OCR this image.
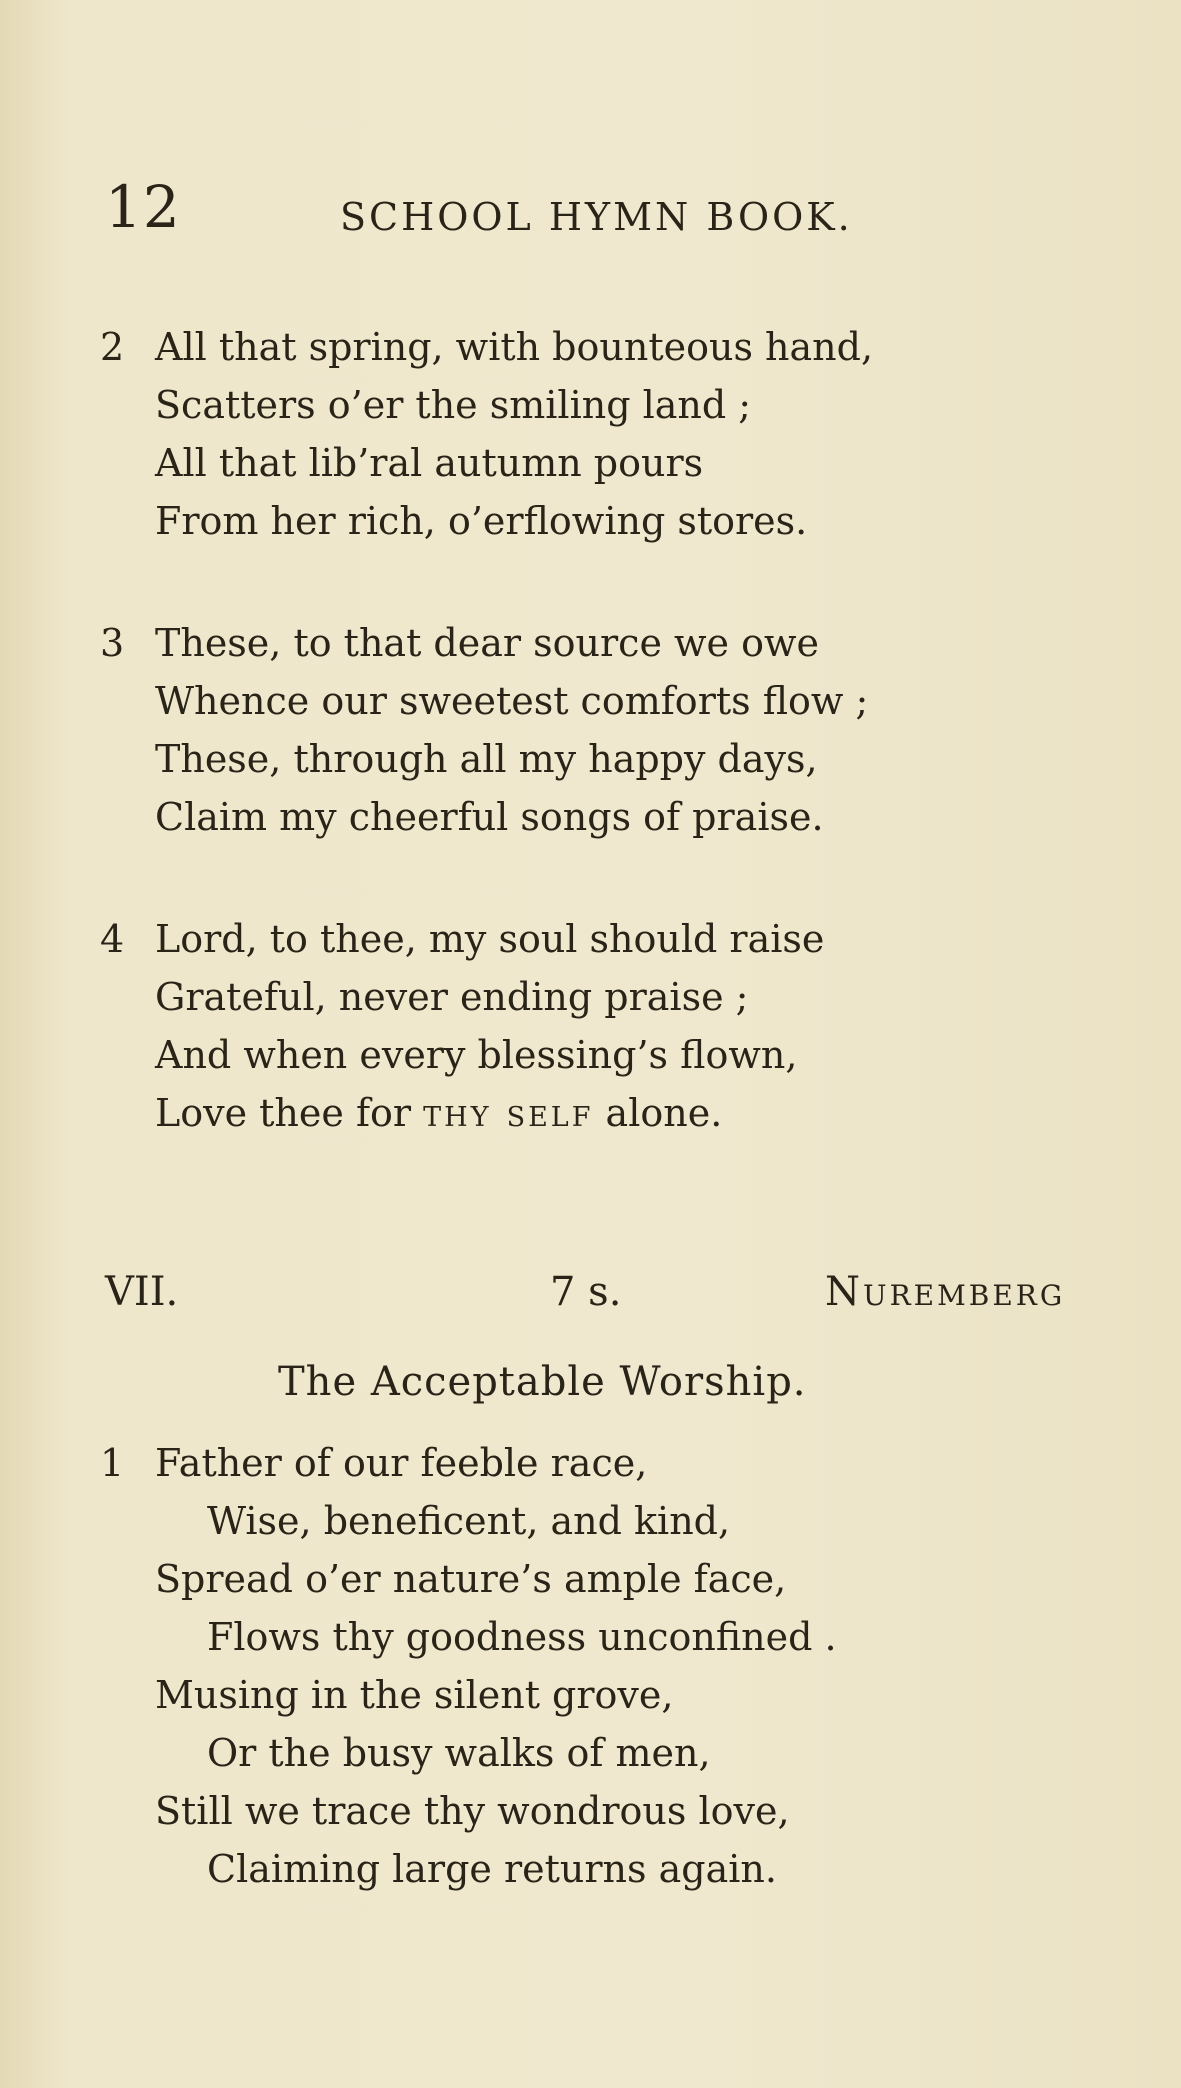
12	SCHOOL HYMN BOOK.
2 All that spring, with bounteous hand,
Scatters o’er the smiling land ;
All that lib’ral autumn pours
From her rich, o’erflowing stores.
3 These, to that dear source we owe
Whence our sweetest comforts flow ;
These, through all my happy days,
Claim my cheerful songs of praise.
4 Lord, to thee, my soul should raise
Grateful, never ending praise ;
And when every blessing’s flown,
Love thee for thy self alone.
VII.	7 s.	Nuremberg
The Acceptable Worship.
1 Father of our feeble race,
Wise, beneficent, and kind,
Spread o’er nature’s ample face,
Flows thy goodness unconfined .
Musing in the silent grove,
Or the busy walks of men,
Still we trace thy wondrous love,
Claiming large returns again.
